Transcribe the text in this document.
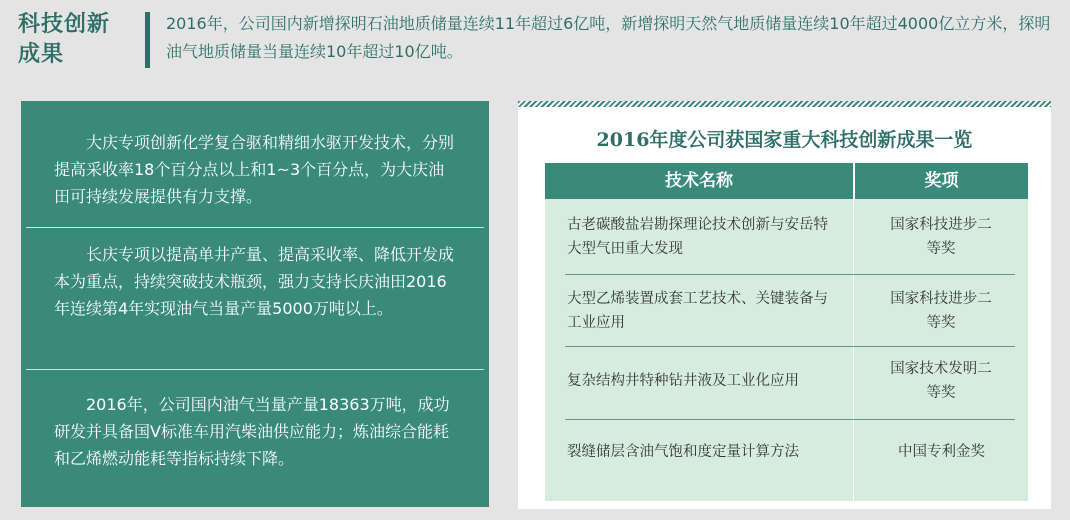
科技创新成果
2016年，公司国内新增探明石油地质储量连续11年超过6亿吨，新增探明天然气地质储量连续10年超过4000亿立方米，探明油气地质储量当量连续10年超过10亿吨。
大庆专项创新化学复合驱和精细水驱开发技术，分别提高采收率18个百分点以上和1~3个百分点，为大庆油田可持续发展提供有力支撑。
长庆专项以提高单井产量、提高采收率、降低开发成本为重点，持续突破技术瓶颈，强力支持长庆油田2016年连续第4年实现油气当量产量5000万吨以上。
2016年，公司国内油气当量产量18363万吨，成功研发并具备国Ⅴ标准车用汽柴油供应能力；炼油综合能耗和乙烯燃动能耗等指标持续下降。
2016年度公司获国家重大科技创新成果一览
技术名称	奖项
古老碳酸盐岩勘探理论技术创新与安岳特大型气田重大发现
国家科技进步二等奖
大型乙烯装置成套工艺技术、关键装备与工业应用
国家科技进步二等奖
复杂结构井特种钻井液及工业化应用
国家技术发明二等奖
裂缝储层含油气饱和度定量计算方法	中国专利金奖
